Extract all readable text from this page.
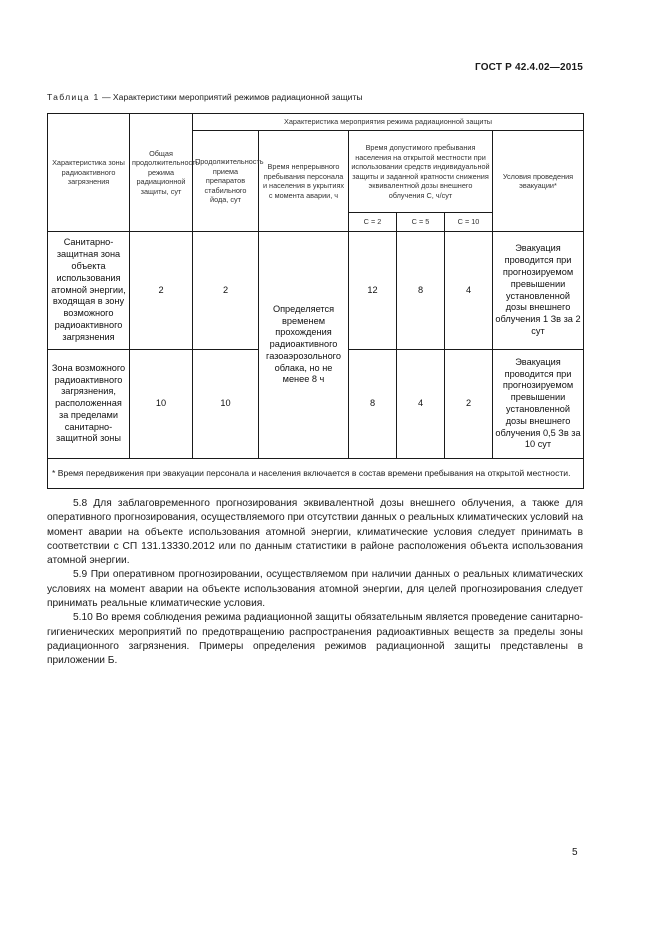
ГОСТ Р 42.4.02—2015
Таблица 1 — Характеристики мероприятий режимов радиационной защиты
Характеристика зоны радиоактивного загрязнения	Общая продолжительность режима радиационной защиты, сут	Характеристика мероприятия режима радиационной защиты					
		Продолжительность приема препаратов стабильного йода, сут	Время непрерывного пребывания персонала и населения в укрытиях с момента аварии, ч	Время допустимого пребывания населения на открытой местности при использовании средств индивидуальной защиты и заданной кратности снижения эквивалентной дозы внешнего облучения С, ч/сут			Условия проведения эвакуации*
				С = 2	С = 5	С = 10	
Санитарно-защитная зона объекта использования атомной энергии, входящая в зону возможного радиоактивного загрязнения	2	2	Определяется временем прохождения радиоактивного газоаэрозольного облака, но не менее 8 ч	12	8	4	Эвакуация проводится при прогнозируемом превышении установленной дозы внешнего облучения 1 Зв за 2 сут
Зона возможного радиоактивного загрязнения, расположенная за пределами санитарно-защитной зоны	10	10		8	4	2	Эвакуация проводится при прогнозируемом превышении установленной дозы внешнего облучения 0,5 Зв за 10 сут
* Время передвижения при эвакуации персонала и населения включается в состав времени пребывания на открытой местности.							

5.8 Для заблаговременного прогнозирования эквивалентной дозы внешнего облучения, а также для оперативного прогнозирования, осуществляемого при отсутствии данных о реальных климатических условий на момент аварии на объекте использования атомной энергии, климатические условия следует принимать в соответствии с СП 131.13330.2012 или по данным статистики в районе расположения объекта использования атомной энергии.

5.9 При оперативном прогнозировании, осуществляемом при наличии данных о реальных климатических условиях на момент аварии на объекте использования атомной энергии, для целей прогнозирования следует принимать реальные климатические условия.

5.10 Во время соблюдения режима радиационной защиты обязательным является проведение санитарно-гигиенических мероприятий по предотвращению распространения радиоактивных веществ за пределы зоны радиационного загрязнения. Примеры определения режимов радиационной защиты представлены в приложении Б.

5
